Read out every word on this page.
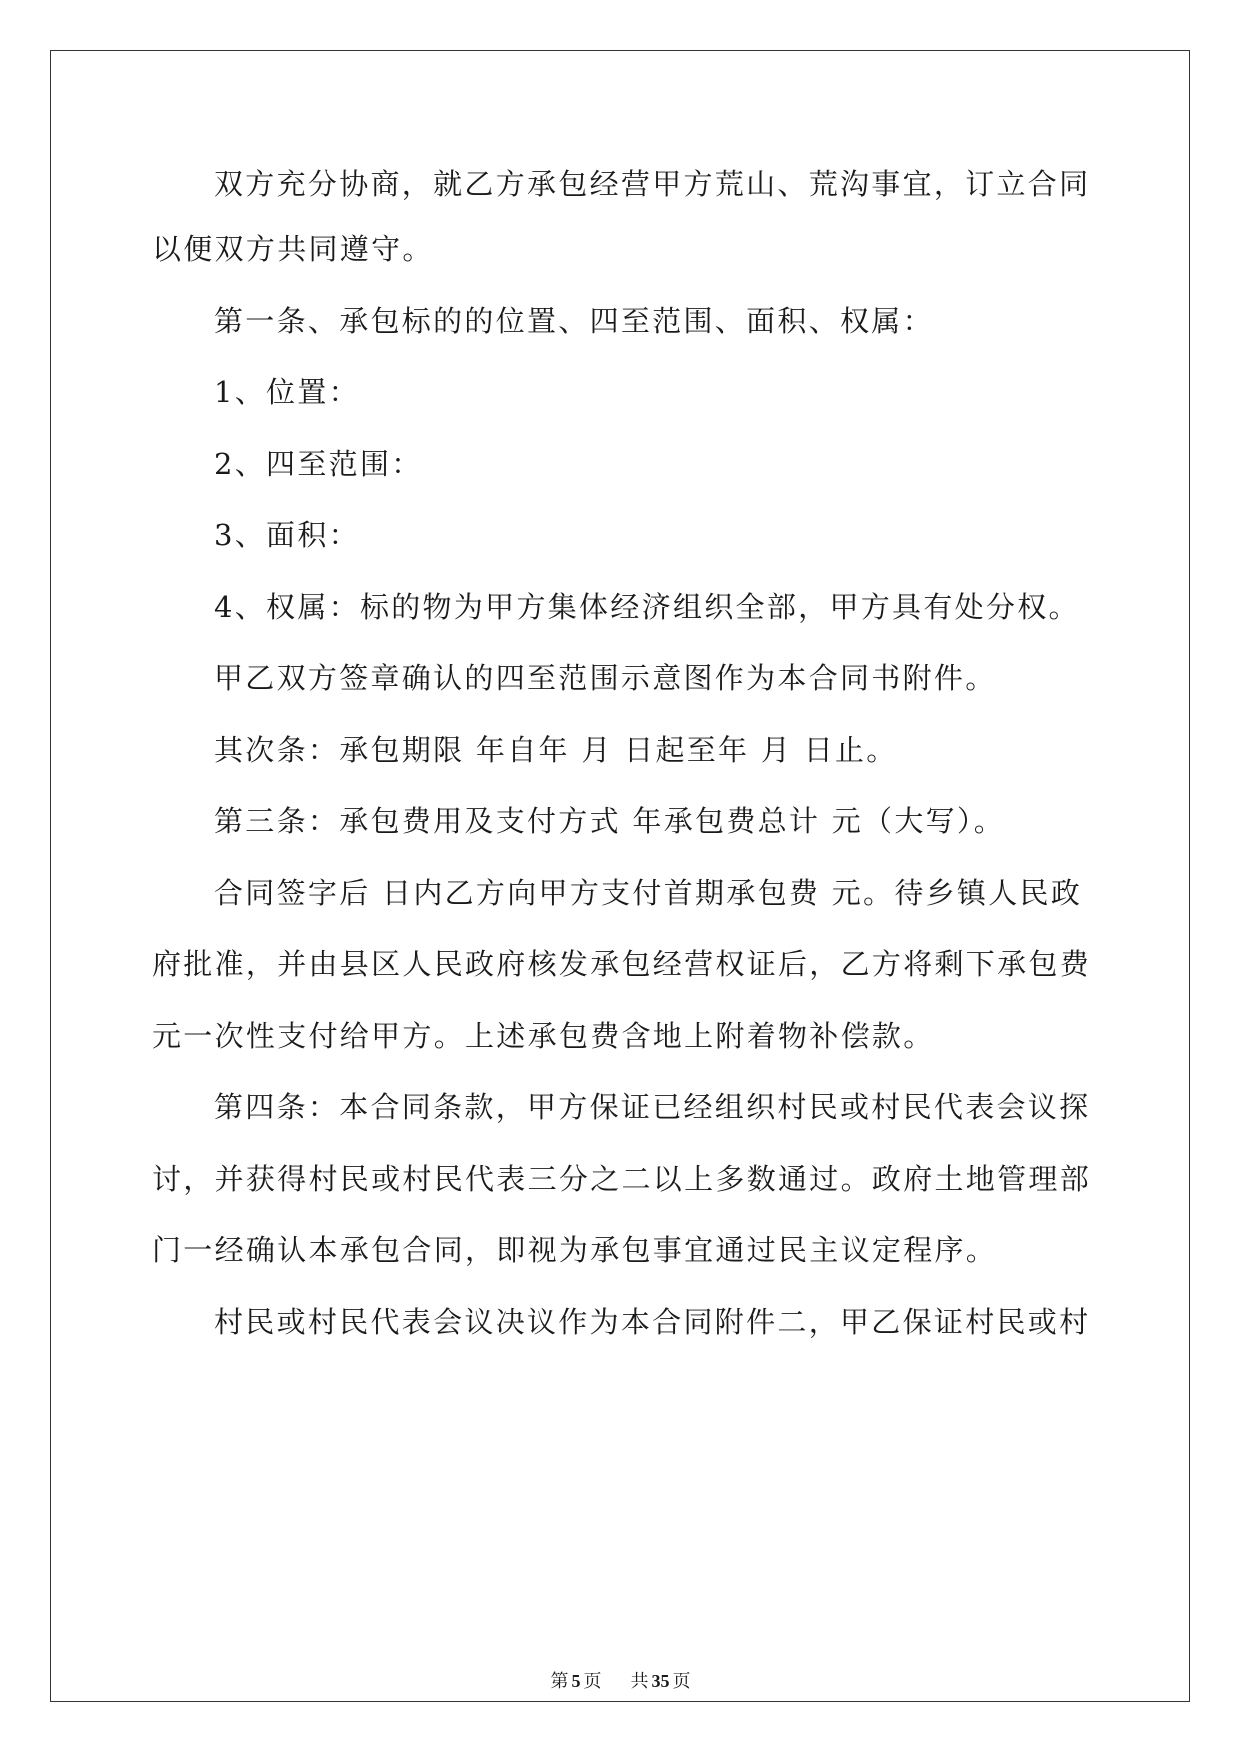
双方充分协商，就乙方承包经营甲方荒山、荒沟事宜，订立合同
以便双方共同遵守。
第一条、承包标的的位置、四至范围、面积、权属：
1、位置：
2、四至范围：
3、面积：
4、权属：标的物为甲方集体经济组织全部，甲方具有处分权。
甲乙双方签章确认的四至范围示意图作为本合同书附件。
其次条：承包期限 年自年 月 日起至年 月 日止。
第三条：承包费用及支付方式 年承包费总计 元（大写）。
合同签字后 日内乙方向甲方支付首期承包费 元。待乡镇人民政
府批准，并由县区人民政府核发承包经营权证后，乙方将剩下承包费
元一次性支付给甲方。上述承包费含地上附着物补偿款。
第四条：本合同条款，甲方保证已经组织村民或村民代表会议探
讨，并获得村民或村民代表三分之二以上多数通过。政府土地管理部
门一经确认本承包合同，即视为承包事宜通过民主议定程序。
村民或村民代表会议决议作为本合同附件二，甲乙保证村民或村
第 5 页 共 35 页
